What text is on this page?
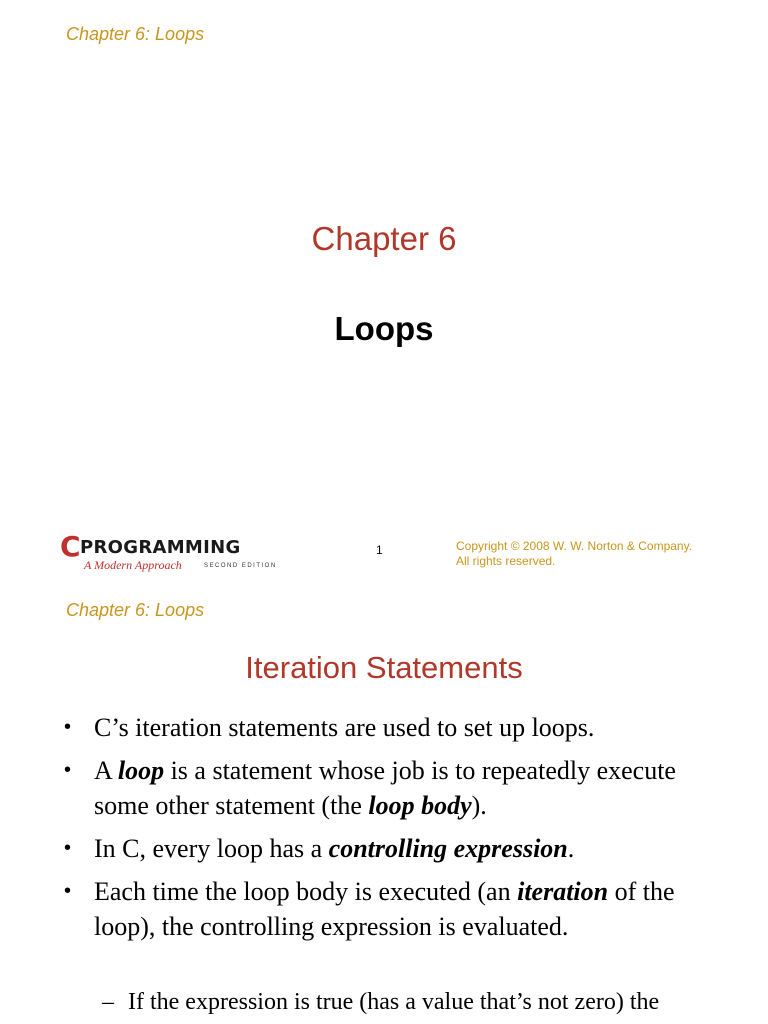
Chapter 6: Loops
Chapter 6
Loops
C PROGRAMMING
A Modern Approach	SECOND EDITION
1	Copyright © 2008 W. W. Norton & Company.
All rights reserved.
Chapter 6: Loops
Iteration Statements
• C’s iteration statements are used to set up loops.
• A loop is a statement whose job is to repeatedly execute some other statement (the loop body).
• In C, every loop has a controlling expression.
• Each time the loop body is executed (an iteration of the loop), the controlling expression is evaluated.
– If the expression is true (has a value that’s not zero) the
